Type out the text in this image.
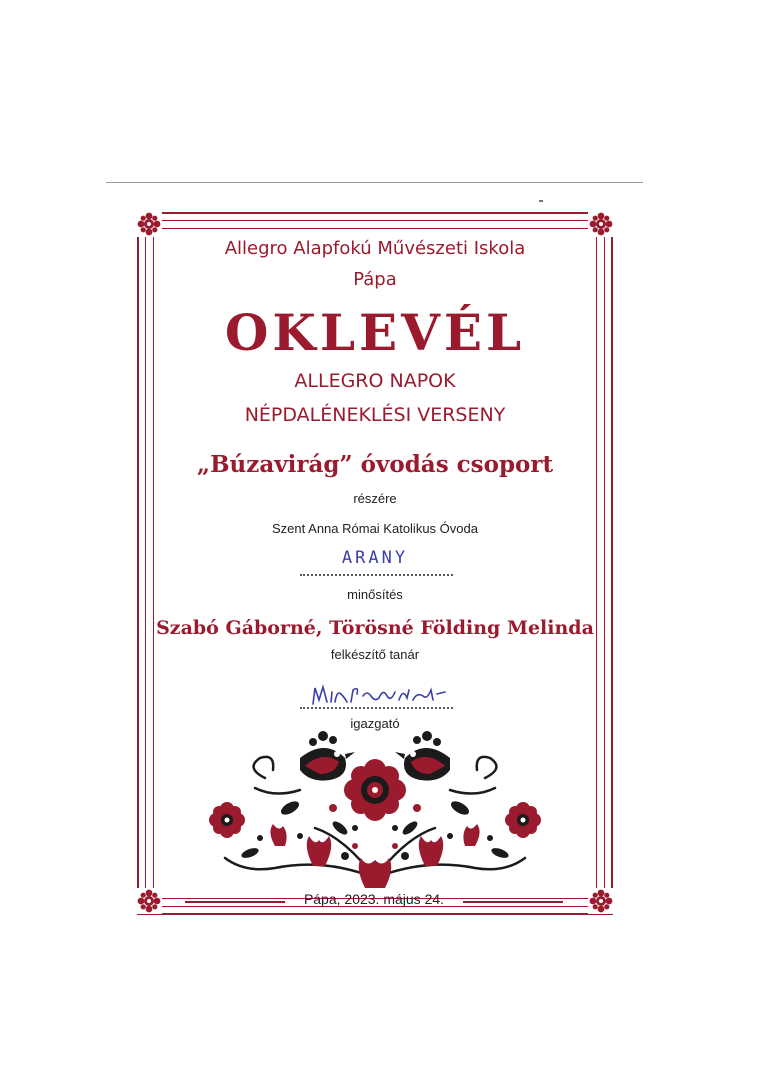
Allegro Alapfokú Művészeti Iskola
Pápa
OKLEVÉL
ALLEGRO NAPOK
NÉPDALÉNEKLÉSI VERSENY
„Búzavirág” óvodás csoport
részére
Szent Anna Római Katolikus Óvoda
ARANY
minősítés
Szabó Gáborné, Törösné Földing Melinda
felkészítő tanár
igazgató
Pápa, 2023. május 24.
